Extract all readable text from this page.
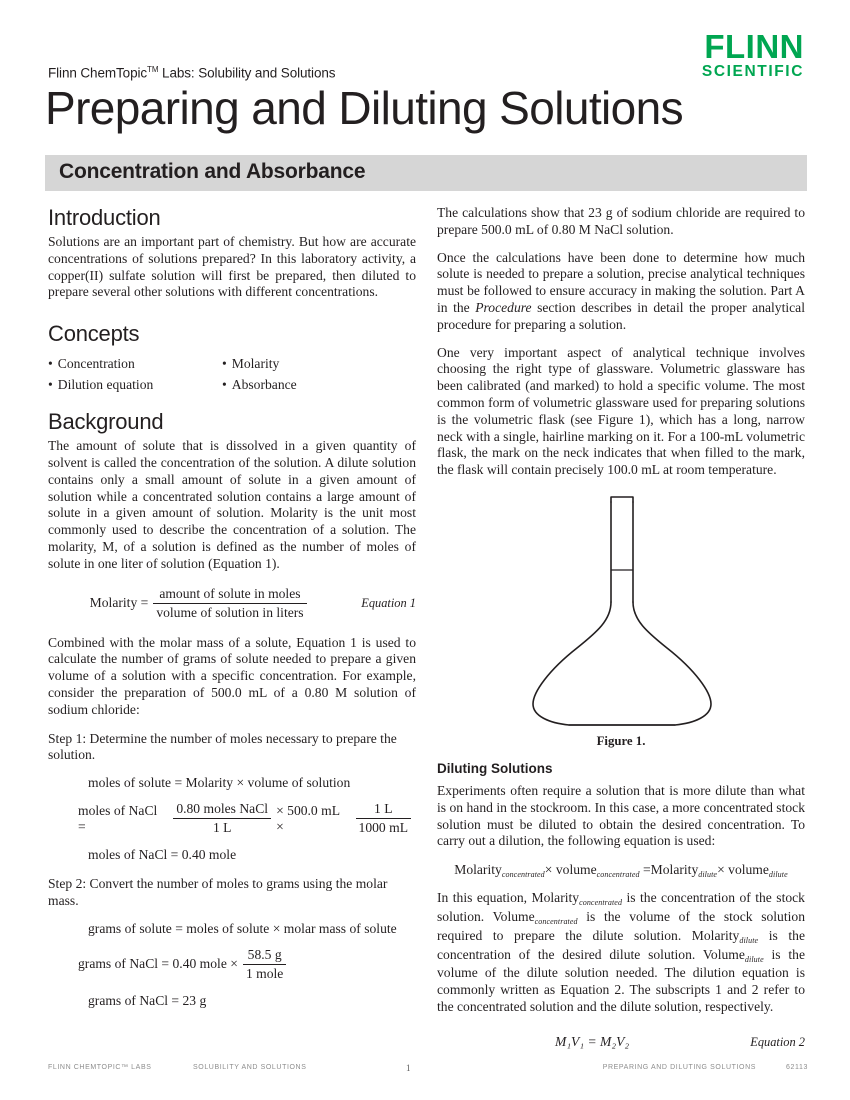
FLINN
SCIENTIFIC
Flinn ChemTopic™ Labs: Solubility and Solutions
Preparing and Diluting Solutions
Concentration and Absorbance
Introduction

Solutions are an important part of chemistry. But how are accurate concentrations of solutions prepared? In this laboratory activity, a copper(II) sulfate solution will first be prepared, then diluted to prepare several other solutions with different concentrations.

Concepts
• Concentration
• Dilution equation
• Molarity
• Absorbance
Background

The amount of solute that is dissolved in a given quantity of solvent is called the concentration of the solution. A dilute solution contains only a small amount of solute in a given amount of solution while a concentrated solution contains a large amount of solute in a given amount of solution. Molarity is the unit most commonly used to describe the concentration of a solution. The molarity, M, of a solution is defined as the number of moles of solute in one liter of solution (Equation 1).

Molarity = $\frac{\text{amount of solute in moles}}{\text{volume of solution in liters}}$	Equation 1

Combined with the molar mass of a solute, Equation 1 is used to calculate the number of grams of solute needed to prepare a given volume of a solution with a specific concentration. For example, consider the preparation of 500.0 mL of a 0.80 M solution of sodium chloride:

Step 1: Determine the number of moles necessary to prepare the solution.
moles of solute = Molarity × volume of solution
moles of NaCl =	$\frac{\text{0.80 moles NaCl}}{1 L} \times 500.0$ mL ×	$\frac{1 L}{1000 mL}$
moles of NaCl = 0.40 mole
Step 2: Convert the number of moles to grams using the molar mass.
grams of solute = moles of solute × molar mass of solute
grams of NaCl = 0.40 mole × $\frac{58.5 g}{\text{1 mole}}$
grams of NaCl = 23 g

The calculations show that 23 g of sodium chloride are required to prepare 500.0 mL of 0.80 M NaCl solution.

Once the calculations have been done to determine how much solute is needed to prepare a solution, precise analytical techniques must be followed to ensure accuracy in making the solution. Part A in the Procedure section describes in detail the proper analytical procedure for preparing a solution.

One very important aspect of analytical technique involves choosing the right type of glassware. Volumetric glassware has been calibrated (and marked) to hold a specific volume. The most common form of volumetric glassware used for preparing solutions is the volumetric flask (see Figure 1), which has a long, narrow neck with a single, hairline marking on it. For a 100-mL volumetric flask, the mark on the neck indicates that when filled to the mark, the flask will contain precisely 100.0 mL at room temperature.

Figure 1.
Diluting Solutions

Experiments often require a solution that is more dilute than what is on hand in the stockroom. In this case, a more concentrated stock solution must be diluted to obtain the desired concentration. To carry out a dilution, the following equation is used:

Molarity$_{concentrated}$× volume$_{concentrated}$ =Molarity$_{dilute}$× volume$_{dilute}$

In this equation, Molarity$_{concentrated}$ is the concentration of the stock solution. Volume$_{concentrated}$ is the volume of the stock solution required to prepare the dilute solution. Molarity$_{dilute}$ is the concentration of the desired dilute solution. Volume$_{dilute}$ is the volume of the dilute solution needed. The dilution equation is commonly written as Equation 2. The subscripts 1 and 2 refer to the concentrated solution and the dilute solution, respectively.

M₁V₁ = M₂V₂	Equation 2
FLINN CHEMTOPIC™ LABS	SOLUBILITY AND SOLUTIONS	1	PREPARING AND DILUTING SOLUTIONS	62113
